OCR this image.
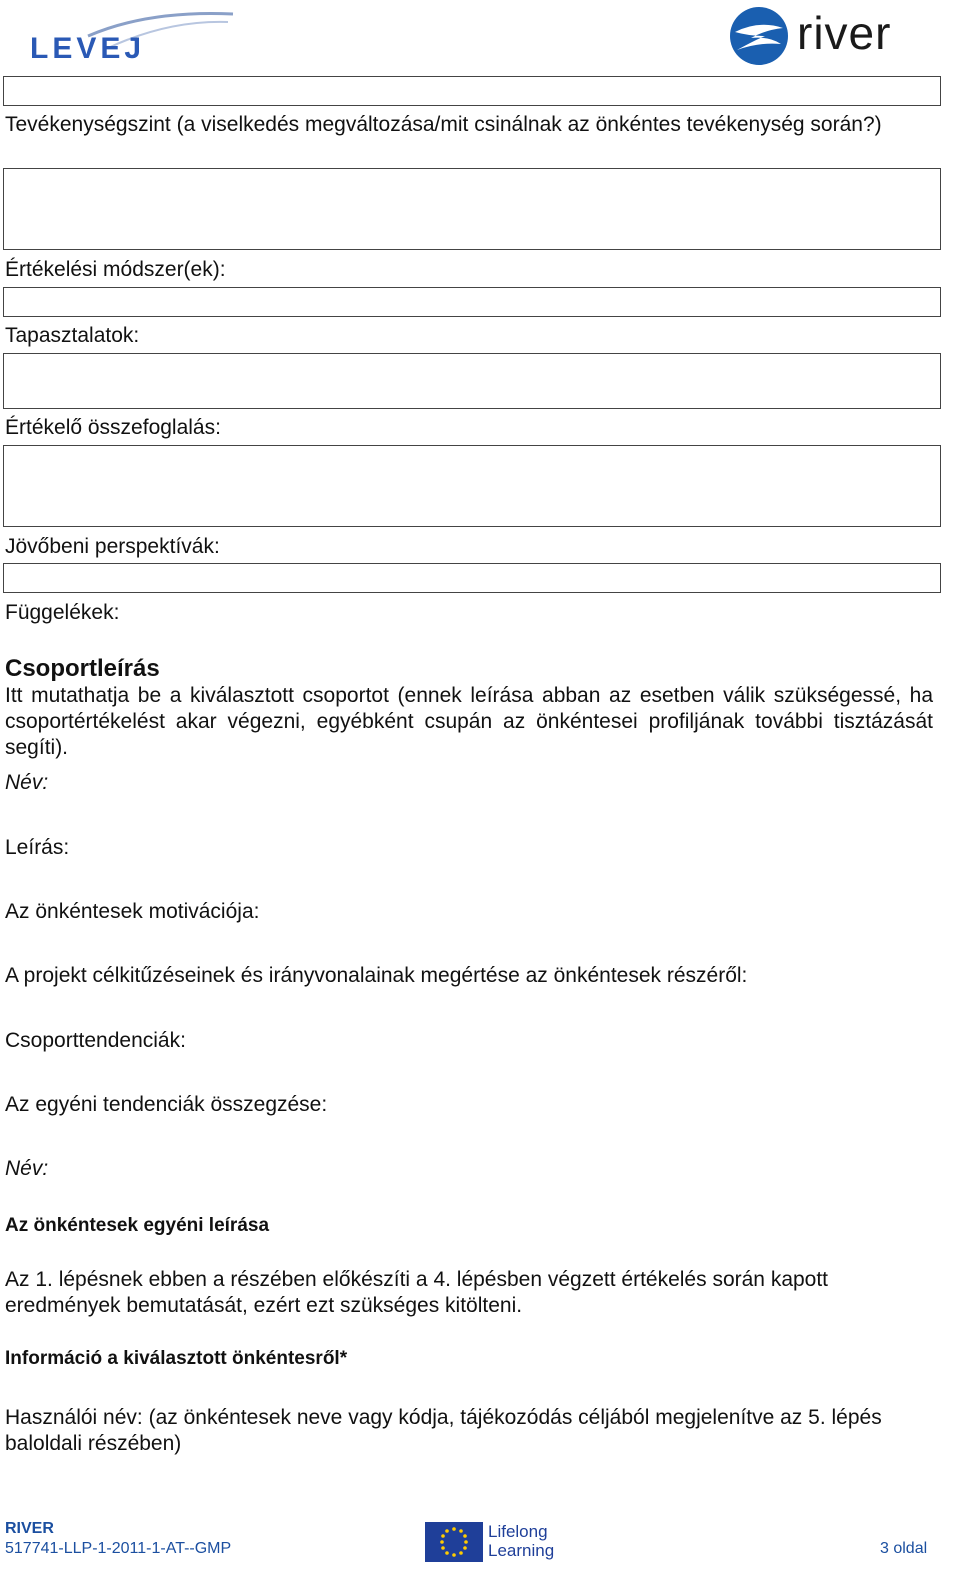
LEVEJ	river
Tevékenységszint (a viselkedés megváltozása/mit csinálnak az önkéntes tevékenység során?)
Értékelési módszer(ek):
Tapasztalatok:
Értékelő összefoglalás:
Jövőbeni perspektívák:
Függelékek:
Csoportleírás
Itt mutathatja be a kiválasztott csoportot (ennek leírása abban az esetben válik szükségessé, ha csoportértékelést akar végezni, egyébként csupán az önkéntesei profiljának további tisztázását segíti).
Név:
Leírás:
Az önkéntesek motivációja:
A projekt célkitűzéseinek és irányvonalainak megértése az önkéntesek részéről:
Csoporttendenciák:
Az egyéni tendenciák összegzése:
Név:
Az önkéntesek egyéni leírása
Az 1. lépésnek ebben a részében előkészíti a 4. lépésben végzett értékelés során kapott eredmények bemutatását, ezért ezt szükséges kitölteni.
Információ a kiválasztott önkéntesről*
Használói név: (az önkéntesek neve vagy kódja, tájékozódás céljából megjelenítve az 5. lépés baloldali részében)
RIVER
517741-LLP-1-2011-1-AT--GMP
Lifelong
Learning	3 oldal
